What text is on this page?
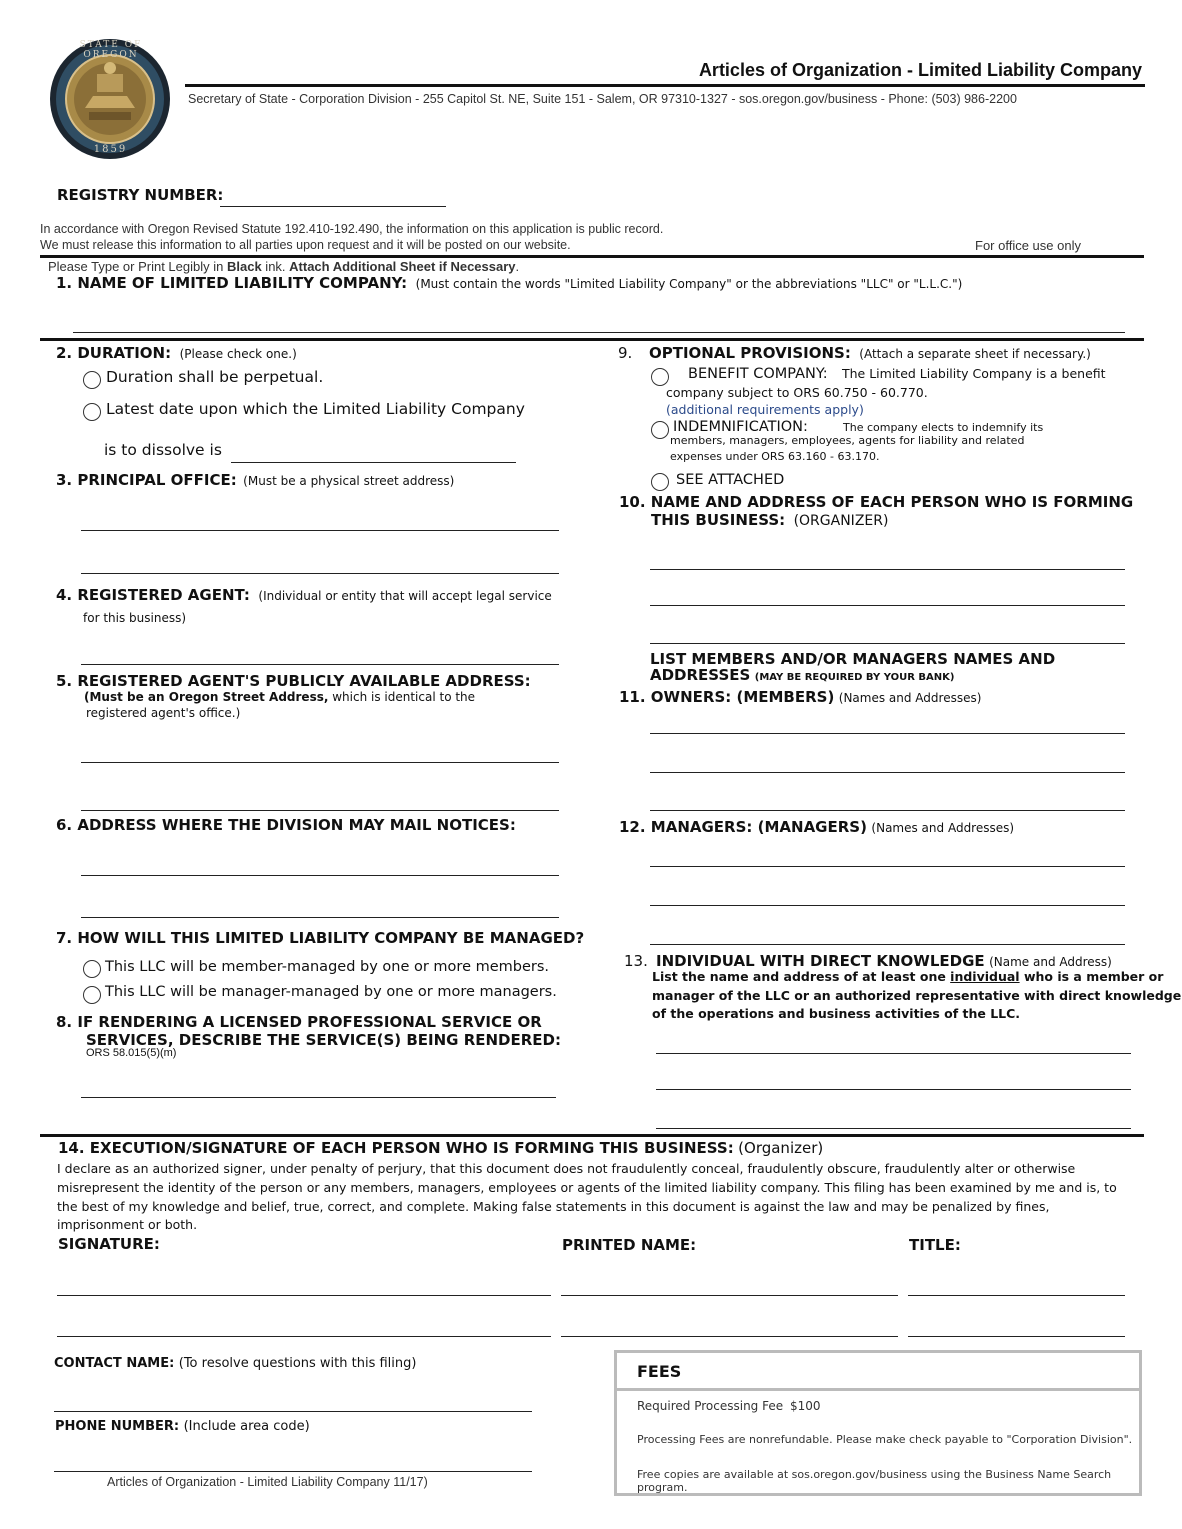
STATE OF OREGON
1859
Articles of Organization - Limited Liability Company
Secretary of State - Corporation Division - 255 Capitol St. NE, Suite 151 - Salem, OR 97310-1327 - sos.oregon.gov/business - Phone: (503) 986-2200
REGISTRY NUMBER:
In accordance with Oregon Revised Statute 192.410-192.490, the information on this application is public record.
We must release this information to all parties upon request and it will be posted on our website.	For office use only
Please Type or Print Legibly in Black ink. Attach Additional Sheet if Necessary.
1. NAME OF LIMITED LIABILITY COMPANY: (Must contain the words "Limited Liability Company" or the abbreviations "LLC" or "L.L.C.")
2. DURATION: (Please check one.)
Duration shall be perpetual.
Latest date upon which the Limited Liability Company
is to dissolve is
3. PRINCIPAL OFFICE: (Must be a physical street address)
4. REGISTERED AGENT: (Individual or entity that will accept legal service
for this business)
5. REGISTERED AGENT'S PUBLICLY AVAILABLE ADDRESS:
(Must be an Oregon Street Address, which is identical to the
registered agent's office.)
6. ADDRESS WHERE THE DIVISION MAY MAIL NOTICES:
7. HOW WILL THIS LIMITED LIABILITY COMPANY BE MANAGED?
This LLC will be member-managed by one or more members.
This LLC will be manager-managed by one or more managers.
8. IF RENDERING A LICENSED PROFESSIONAL SERVICE OR
SERVICES, DESCRIBE THE SERVICE(S) BEING RENDERED:
ORS 58.015(5)(m)
9. OPTIONAL PROVISIONS: (Attach a separate sheet if necessary.)
BENEFIT COMPANY: The Limited Liability Company is a benefit
company subject to ORS 60.750 - 60.770.
(additional requirements apply)
INDEMNIFICATION:	The company elects to indemnify its
members, managers, employees, agents for liability and related
expenses under ORS 63.160 - 63.170.
SEE ATTACHED
10. NAME AND ADDRESS OF EACH PERSON WHO IS FORMING
THIS BUSINESS: (ORGANIZER)
LIST MEMBERS AND/OR MANAGERS NAMES AND
ADDRESSES (MAY BE REQUIRED BY YOUR BANK)
11. OWNERS: (MEMBERS) (Names and Addresses)
12. MANAGERS: (MANAGERS) (Names and Addresses)
13. INDIVIDUAL WITH DIRECT KNOWLEDGE (Name and Address)
List the name and address of at least one individual who is a member or
manager of the LLC or an authorized representative with direct knowledge
of the operations and business activities of the LLC.
14. EXECUTION/SIGNATURE OF EACH PERSON WHO IS FORMING THIS BUSINESS: (Organizer)
I declare as an authorized signer, under penalty of perjury, that this document does not fraudulently conceal, fraudulently obscure, fraudulently alter or otherwise
misrepresent the identity of the person or any members, managers, employees or agents of the limited liability company. This filing has been examined by me and is, to
the best of my knowledge and belief, true, correct, and complete. Making false statements in this document is against the law and may be penalized by fines,
imprisonment or both.
SIGNATURE:	PRINTED NAME:	TITLE:
CONTACT NAME: (To resolve questions with this filing)
PHONE NUMBER: (Include area code)
Articles of Organization - Limited Liability Company 11/17)
FEES
Required Processing Fee $100
Processing Fees are nonrefundable. Please make check payable to "Corporation Division".
Free copies are available at sos.oregon.gov/business using the Business Name Search program.
